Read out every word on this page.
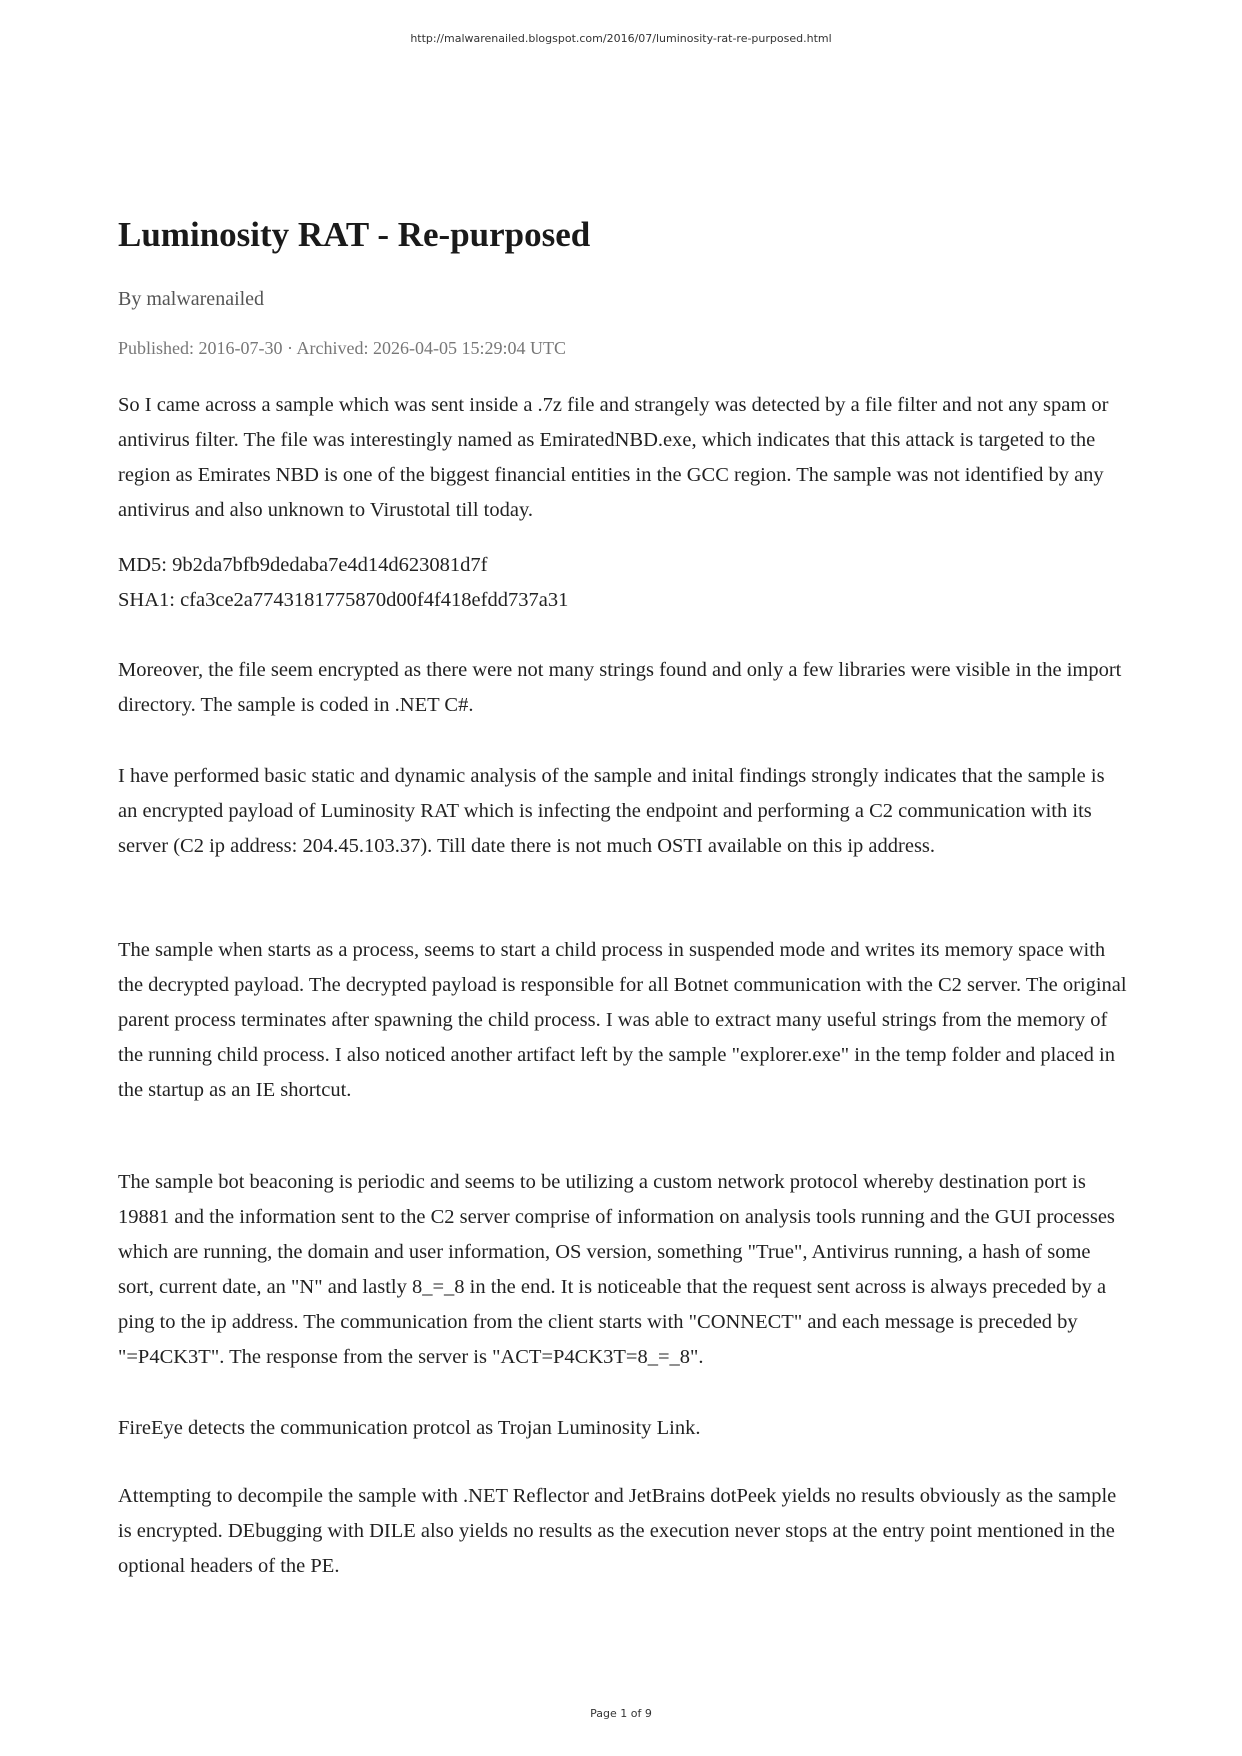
http://malwarenailed.blogspot.com/2016/07/luminosity-rat-re-purposed.html
Luminosity RAT - Re-purposed
By malwarenailed
Published: 2016-07-30 · Archived: 2026-04-05 15:29:04 UTC

So I came across a sample which was sent inside a .7z file and strangely was detected by a file filter and not any spam or antivirus filter. The file was interestingly named as EmiratedNBD.exe, which indicates that this attack is targeted to the region as Emirates NBD is one of the biggest financial entities in the GCC region. The sample was not identified by any antivirus and also unknown to Virustotal till today.

MD5: 9b2da7bfb9dedaba7e4d14d623081d7f

SHA1: cfa3ce2a7743181775870d00f4f418efdd737a31

Moreover, the file seem encrypted as there were not many strings found and only a few libraries were visible in the import directory. The sample is coded in .NET C#.

I have performed basic static and dynamic analysis of the sample and inital findings strongly indicates that the sample is an encrypted payload of Luminosity RAT which is infecting the endpoint and performing a C2 communication with its server (C2 ip address: 204.45.103.37). Till date there is not much OSTI available on this ip address.

The sample when starts as a process, seems to start a child process in suspended mode and writes its memory space with the decrypted payload. The decrypted payload is responsible for all Botnet communication with the C2 server. The original parent process terminates after spawning the child process. I was able to extract many useful strings from the memory of the running child process. I also noticed another artifact left by the sample "explorer.exe" in the temp folder and placed in the startup as an IE shortcut.

The sample bot beaconing is periodic and seems to be utilizing a custom network protocol whereby destination port is 19881 and the information sent to the C2 server comprise of information on analysis tools running and the GUI processes which are running, the domain and user information, OS version, something "True", Antivirus running, a hash of some sort, current date, an "N" and lastly 8_=_8 in the end. It is noticeable that the request sent across is always preceded by a ping to the ip address. The communication from the client starts with "CONNECT" and each message is preceded by "=P4CK3T". The response from the server is "ACT=P4CK3T=8_=_8".

FireEye detects the communication protcol as Trojan Luminosity Link.

Attempting to decompile the sample with .NET Reflector and JetBrains dotPeek yields no results obviously as the sample is encrypted. DEbugging with DILE also yields no results as the execution never stops at the entry point mentioned in the optional headers of the PE.

Page 1 of 9
